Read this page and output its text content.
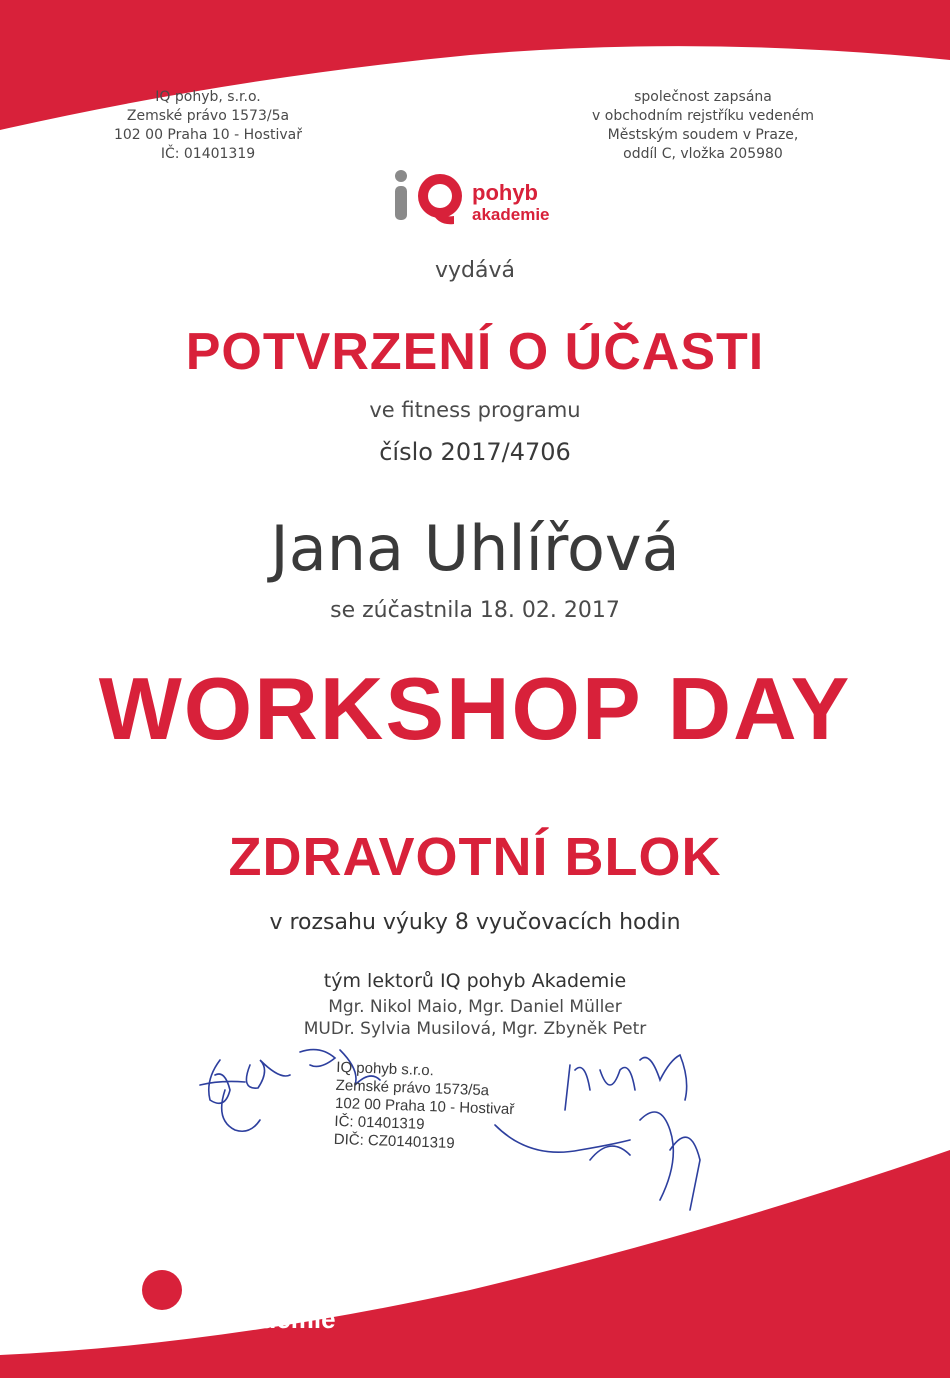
IQ pohyb, s.r.o.
Zemské právo 1573/5a
102 00 Praha 10 - Hostivař
IČ: 01401319
společnost zapsána
v obchodním rejstříku vedeném
Městským soudem v Praze,
oddíl C, vložka 205980
pohyb
akademie
vydává
POTVRZENÍ O ÚČASTI
ve fitness programu
číslo 2017/4706
Jana Uhlířová
se zúčastnila 18. 02. 2017
WORKSHOP DAY
ZDRAVOTNÍ BLOK
v rozsahu výuky 8 vyučovacích hodin
tým lektorů IQ pohyb Akademie
Mgr. Nikol Maio, Mgr. Daniel Müller
MUDr. Sylvia Musilová, Mgr. Zbyněk Petr
IQ pohyb s.r.o.
Zemské právo 1573/5a
102 00 Praha 10 - Hostivař
IČ: 01401319
DIČ: CZ01401319
pohyb
akademie
